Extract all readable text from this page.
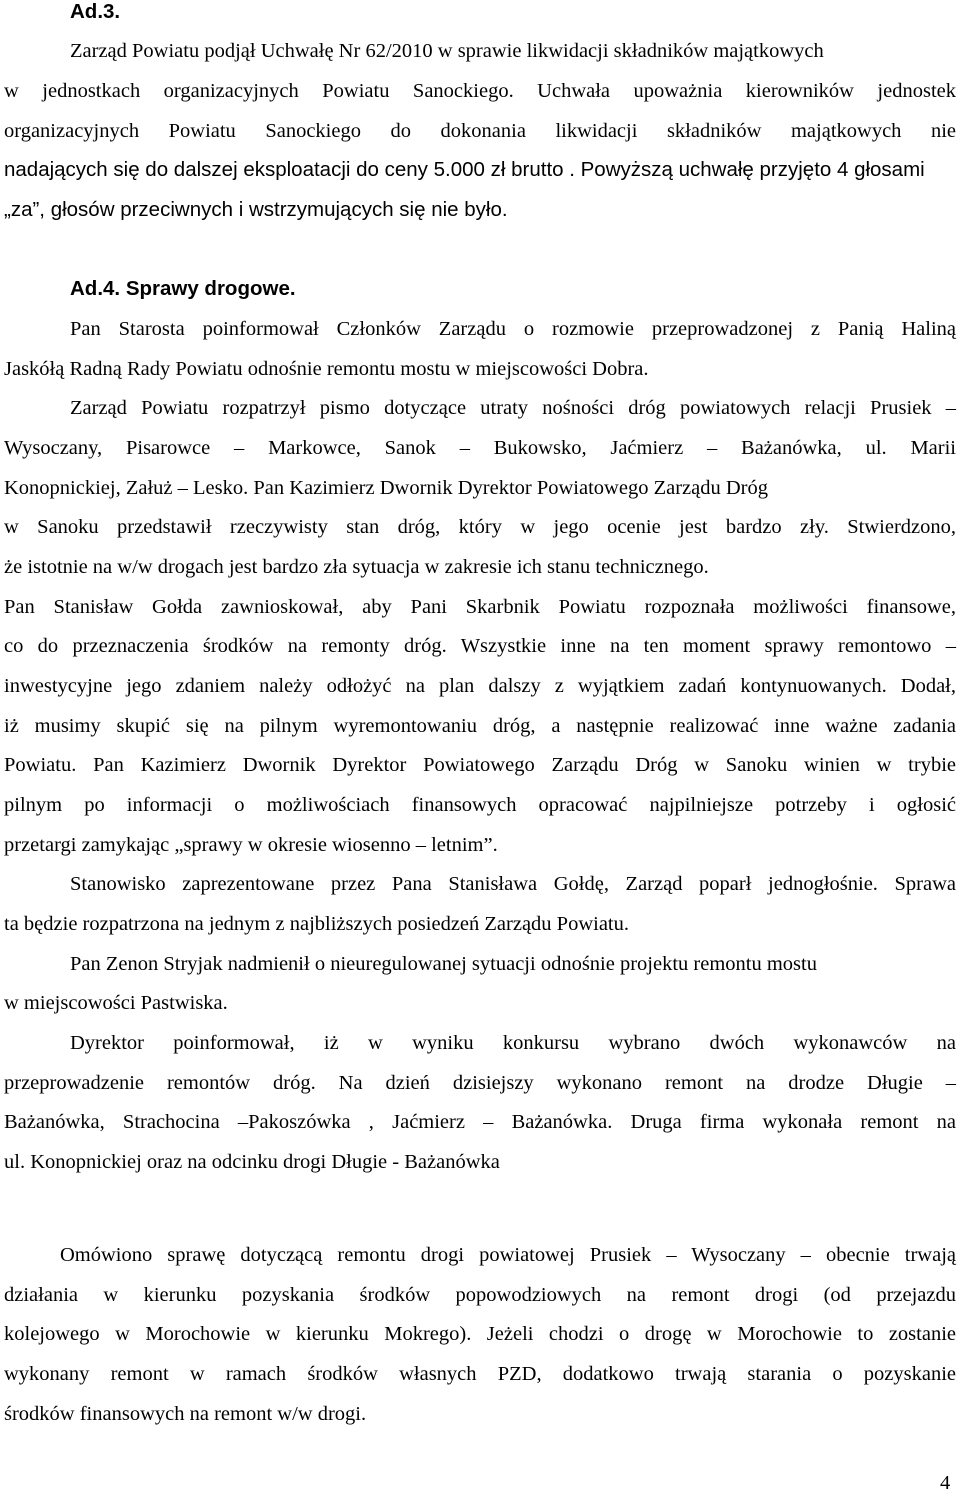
Ad.3.
Zarząd Powiatu podjął Uchwałę Nr 62/2010 w sprawie likwidacji składników majątkowych
w jednostkach organizacyjnych Powiatu Sanockiego. Uchwała upoważnia kierowników jednostek
organizacyjnych Powiatu Sanockiego do dokonania likwidacji składników majątkowych nie
nadających się do dalszej eksploatacji do ceny 5.000 zł brutto . Powyższą uchwałę przyjęto 4 głosami
„za”, głosów przeciwnych i wstrzymujących się nie było.
Ad.4. Sprawy drogowe.
Pan Starosta poinformował Członków Zarządu o rozmowie przeprowadzonej z Panią Haliną
Jaskółą Radną Rady Powiatu odnośnie remontu mostu w miejscowości Dobra.
Zarząd Powiatu rozpatrzył pismo dotyczące utraty nośności dróg powiatowych relacji Prusiek –
Wysoczany, Pisarowce – Markowce, Sanok – Bukowsko, Jaćmierz – Bażanówka, ul. Marii
Konopnickiej, Załuż – Lesko. Pan Kazimierz Dwornik Dyrektor Powiatowego Zarządu Dróg
w Sanoku przedstawił rzeczywisty stan dróg, który w jego ocenie jest bardzo zły. Stwierdzono,
że istotnie na w/w drogach jest bardzo zła sytuacja w zakresie ich stanu technicznego.
Pan Stanisław Gołda zawnioskował, aby Pani Skarbnik Powiatu rozpoznała możliwości finansowe,
co do przeznaczenia środków na remonty dróg. Wszystkie inne na ten moment sprawy remontowo –
inwestycyjne jego zdaniem należy odłożyć na plan dalszy z wyjątkiem zadań kontynuowanych. Dodał,
iż musimy skupić się na pilnym wyremontowaniu dróg, a następnie realizować inne ważne zadania
Powiatu. Pan Kazimierz Dwornik Dyrektor Powiatowego Zarządu Dróg w Sanoku winien w trybie
pilnym po informacji o możliwościach finansowych opracować najpilniejsze potrzeby i ogłosić
przetargi zamykając „sprawy w okresie wiosenno – letnim”.
Stanowisko zaprezentowane przez Pana Stanisława Gołdę, Zarząd poparł jednogłośnie. Sprawa
ta będzie rozpatrzona na jednym z najbliższych posiedzeń Zarządu Powiatu.
Pan Zenon Stryjak nadmienił o nieuregulowanej sytuacji odnośnie projektu remontu mostu
w miejscowości Pastwiska.
Dyrektor poinformował, iż w wyniku konkursu wybrano dwóch wykonawców na
przeprowadzenie remontów dróg. Na dzień dzisiejszy wykonano remont na drodze Długie –
Bażanówka, Strachocina –Pakoszówka , Jaćmierz – Bażanówka. Druga firma wykonała remont na
ul. Konopnickiej oraz na odcinku drogi Długie - Bażanówka
Omówiono sprawę dotyczącą remontu drogi powiatowej Prusiek – Wysoczany – obecnie trwają
działania w kierunku pozyskania środków popowodziowych na remont drogi (od przejazdu
kolejowego w Morochowie w kierunku Mokrego). Jeżeli chodzi o drogę w Morochowie to zostanie
wykonany remont w ramach środków własnych PZD, dodatkowo trwają starania o pozyskanie
środków finansowych na remont w/w drogi.
4
